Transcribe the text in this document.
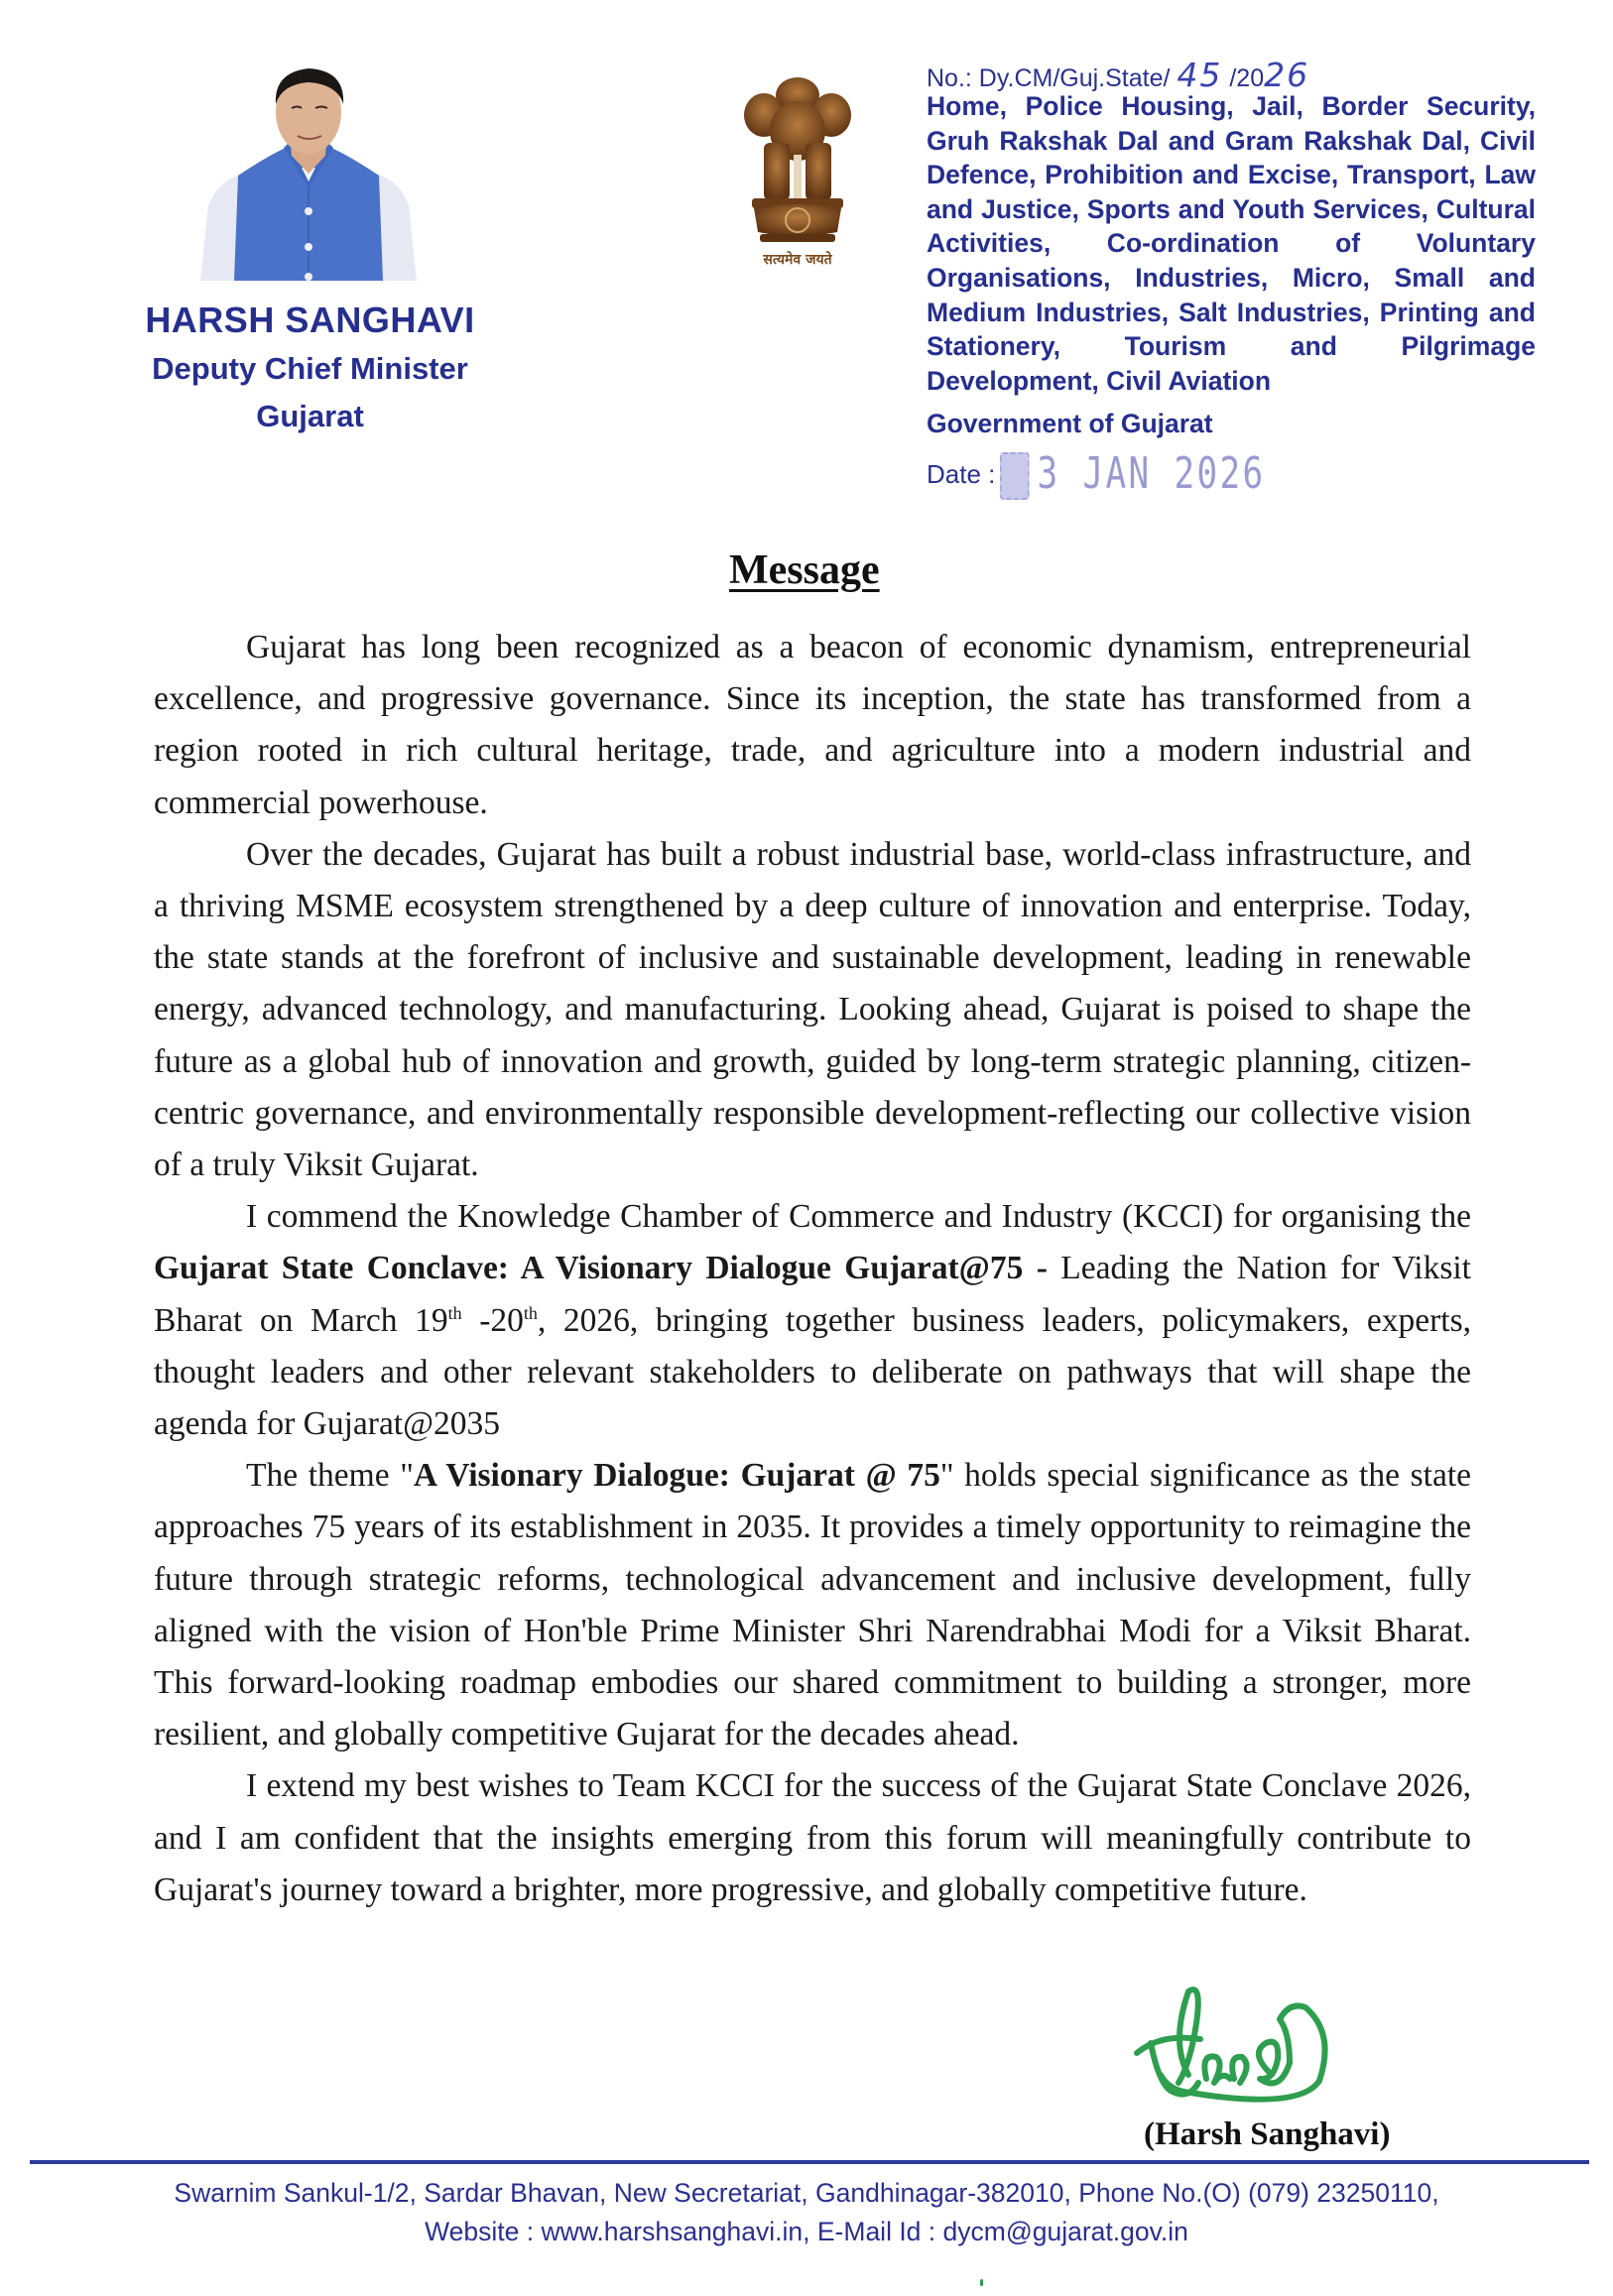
HARSH SANGHAVI
Deputy Chief Minister
Gujarat
सत्यमेव जयते
No.: Dy.CM/Guj.State/ 45 /2026
Home, Police Housing, Jail, Border Security, Gruh Rakshak Dal and Gram Rakshak Dal, Civil Defence, Prohibition and Excise, Transport, Law and Justice, Sports and Youth Services, Cultural Activities, Co-ordination of Voluntary Organisations, Industries, Micro, Small and Medium Industries, Salt Industries, Printing and Stationery, Tourism and Pilgrimage Development, Civil Aviation
Government of Gujarat
Date : 3 JAN 2026
Message

Gujarat has long been recognized as a beacon of economic dynamism, entrepreneurial excellence, and progressive governance. Since its inception, the state has transformed from a region rooted in rich cultural heritage, trade, and agriculture into a modern industrial and commercial powerhouse.

Over the decades, Gujarat has built a robust industrial base, world-class infrastructure, and a thriving MSME ecosystem strengthened by a deep culture of innovation and enterprise. Today, the state stands at the forefront of inclusive and sustainable development, leading in renewable energy, advanced technology, and manufacturing. Looking ahead, Gujarat is poised to shape the future as a global hub of innovation and growth, guided by long-term strategic planning, citizen-centric governance, and environmentally responsible development-reflecting our collective vision of a truly Viksit Gujarat.

I commend the Knowledge Chamber of Commerce and Industry (KCCI) for organising the Gujarat State Conclave: A Visionary Dialogue Gujarat@75 - Leading the Nation for Viksit Bharat on March 19th -20th, 2026, bringing together business leaders, policymakers, experts, thought leaders and other relevant stakeholders to deliberate on pathways that will shape the agenda for Gujarat@2035

The theme "A Visionary Dialogue: Gujarat @ 75" holds special significance as the state approaches 75 years of its establishment in 2035. It provides a timely opportunity to reimagine the future through strategic reforms, technological advancement and inclusive development, fully aligned with the vision of Hon'ble Prime Minister Shri Narendrabhai Modi for a Viksit Bharat. This forward-looking roadmap embodies our shared commitment to building a stronger, more resilient, and globally competitive Gujarat for the decades ahead.

I extend my best wishes to Team KCCI for the success of the Gujarat State Conclave 2026, and I am confident that the insights emerging from this forum will meaningfully contribute to Gujarat's journey toward a brighter, more progressive, and globally competitive future.

(Harsh Sanghavi)
Swarnim Sankul-1/2, Sardar Bhavan, New Secretariat, Gandhinagar-382010, Phone No.(O) (079) 23250110,
Website : www.harshsanghavi.in, E-Mail Id : dycm@gujarat.gov.in
